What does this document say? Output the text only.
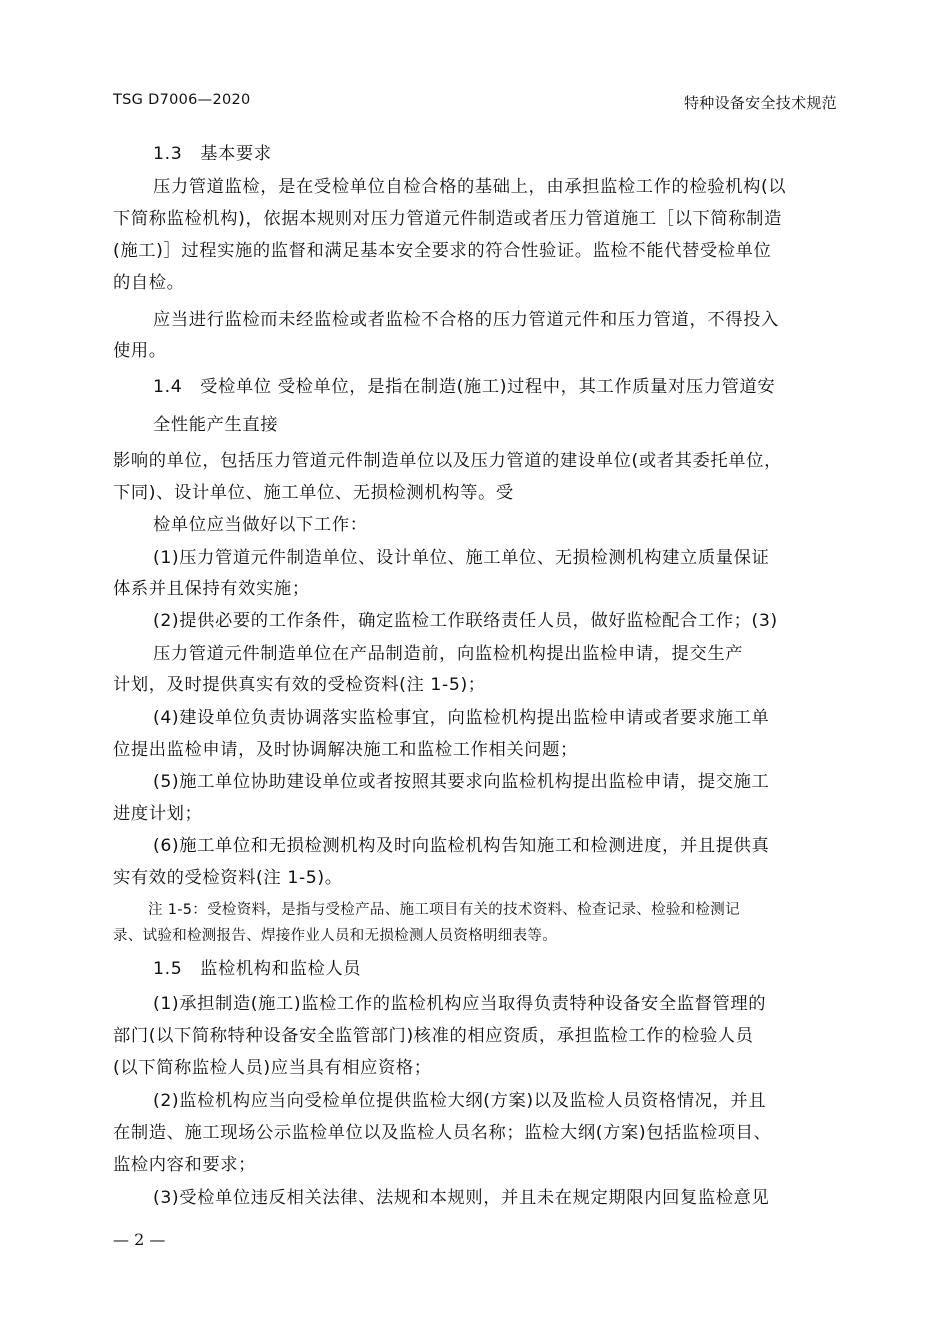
TSG D7006—2020	特种设备安全技术规范
1.3　基本要求
压力管道监检，是在受检单位自检合格的基础上，由承担监检工作的检验机构(以
下简称监检机构)，依据本规则对压力管道元件制造或者压力管道施工［以下简称制造
(施工)］过程实施的监督和满足基本安全要求的符合性验证。监检不能代替受检单位
的自检。
应当进行监检而未经监检或者监检不合格的压力管道元件和压力管道，不得投入
使用。
1.4　受检单位 受检单位，是指在制造(施工)过程中，其工作质量对压力管道安
全性能产生直接
影响的单位，包括压力管道元件制造单位以及压力管道的建设单位(或者其委托单位，
下同)、设计单位、施工单位、无损检测机构等。受
检单位应当做好以下工作：
(1)压力管道元件制造单位、设计单位、施工单位、无损检测机构建立质量保证
体系并且保持有效实施；
(2)提供必要的工作条件，确定监检工作联络责任人员，做好监检配合工作；(3)
压力管道元件制造单位在产品制造前，向监检机构提出监检申请，提交生产
计划，及时提供真实有效的受检资料(注 1-5)；
(4)建设单位负责协调落实监检事宜，向监检机构提出监检申请或者要求施工单
位提出监检申请，及时协调解决施工和监检工作相关问题；
(5)施工单位协助建设单位或者按照其要求向监检机构提出监检申请，提交施工
进度计划；
(6)施工单位和无损检测机构及时向监检机构告知施工和检测进度，并且提供真
实有效的受检资料(注 1-5)。
注 1-5：受检资料，是指与受检产品、施工项目有关的技术资料、检查记录、检验和检测记
录、试验和检测报告、焊接作业人员和无损检测人员资格明细表等。
1.5　监检机构和监检人员
(1)承担制造(施工)监检工作的监检机构应当取得负责特种设备安全监督管理的
部门(以下简称特种设备安全监管部门)核准的相应资质，承担监检工作的检验人员
(以下简称监检人员)应当具有相应资格；
(2)监检机构应当向受检单位提供监检大纲(方案)以及监检人员资格情况，并且
在制造、施工现场公示监检单位以及监检人员名称；监检大纲(方案)包括监检项目、
监检内容和要求；
(3)受检单位违反相关法律、法规和本规则，并且未在规定期限内回复监检意见
— 2 —
